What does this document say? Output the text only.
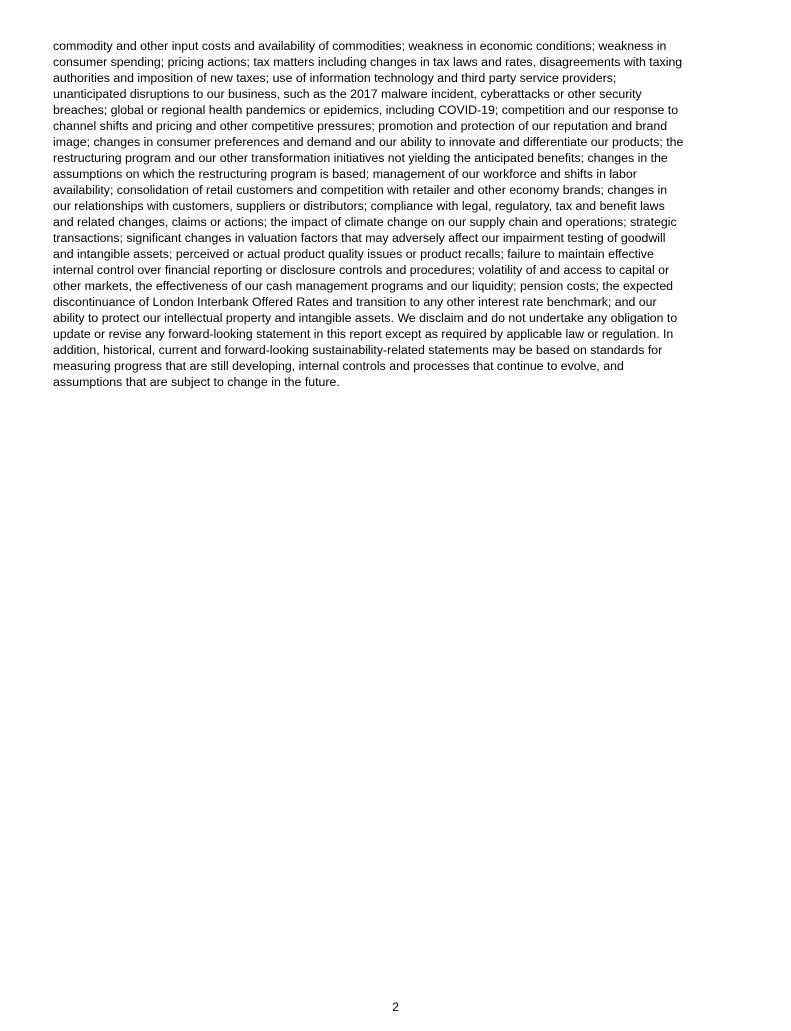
commodity and other input costs and availability of commodities; weakness in economic conditions; weakness in
consumer spending; pricing actions; tax matters including changes in tax laws and rates, disagreements with taxing
authorities and imposition of new taxes; use of information technology and third party service providers;
unanticipated disruptions to our business, such as the 2017 malware incident, cyberattacks or other security
breaches; global or regional health pandemics or epidemics, including COVID-19; competition and our response to
channel shifts and pricing and other competitive pressures; promotion and protection of our reputation and brand
image; changes in consumer preferences and demand and our ability to innovate and differentiate our products; the
restructuring program and our other transformation initiatives not yielding the anticipated benefits; changes in the
assumptions on which the restructuring program is based; management of our workforce and shifts in labor
availability; consolidation of retail customers and competition with retailer and other economy brands; changes in
our relationships with customers, suppliers or distributors; compliance with legal, regulatory, tax and benefit laws
and related changes, claims or actions; the impact of climate change on our supply chain and operations; strategic
transactions; significant changes in valuation factors that may adversely affect our impairment testing of goodwill
and intangible assets; perceived or actual product quality issues or product recalls; failure to maintain effective
internal control over financial reporting or disclosure controls and procedures; volatility of and access to capital or
other markets, the effectiveness of our cash management programs and our liquidity; pension costs; the expected
discontinuance of London Interbank Offered Rates and transition to any other interest rate benchmark; and our
ability to protect our intellectual property and intangible assets. We disclaim and do not undertake any obligation to
update or revise any forward-looking statement in this report except as required by applicable law or regulation. In
addition, historical, current and forward-looking sustainability-related statements may be based on standards for
measuring progress that are still developing, internal controls and processes that continue to evolve, and
assumptions that are subject to change in the future.

2
